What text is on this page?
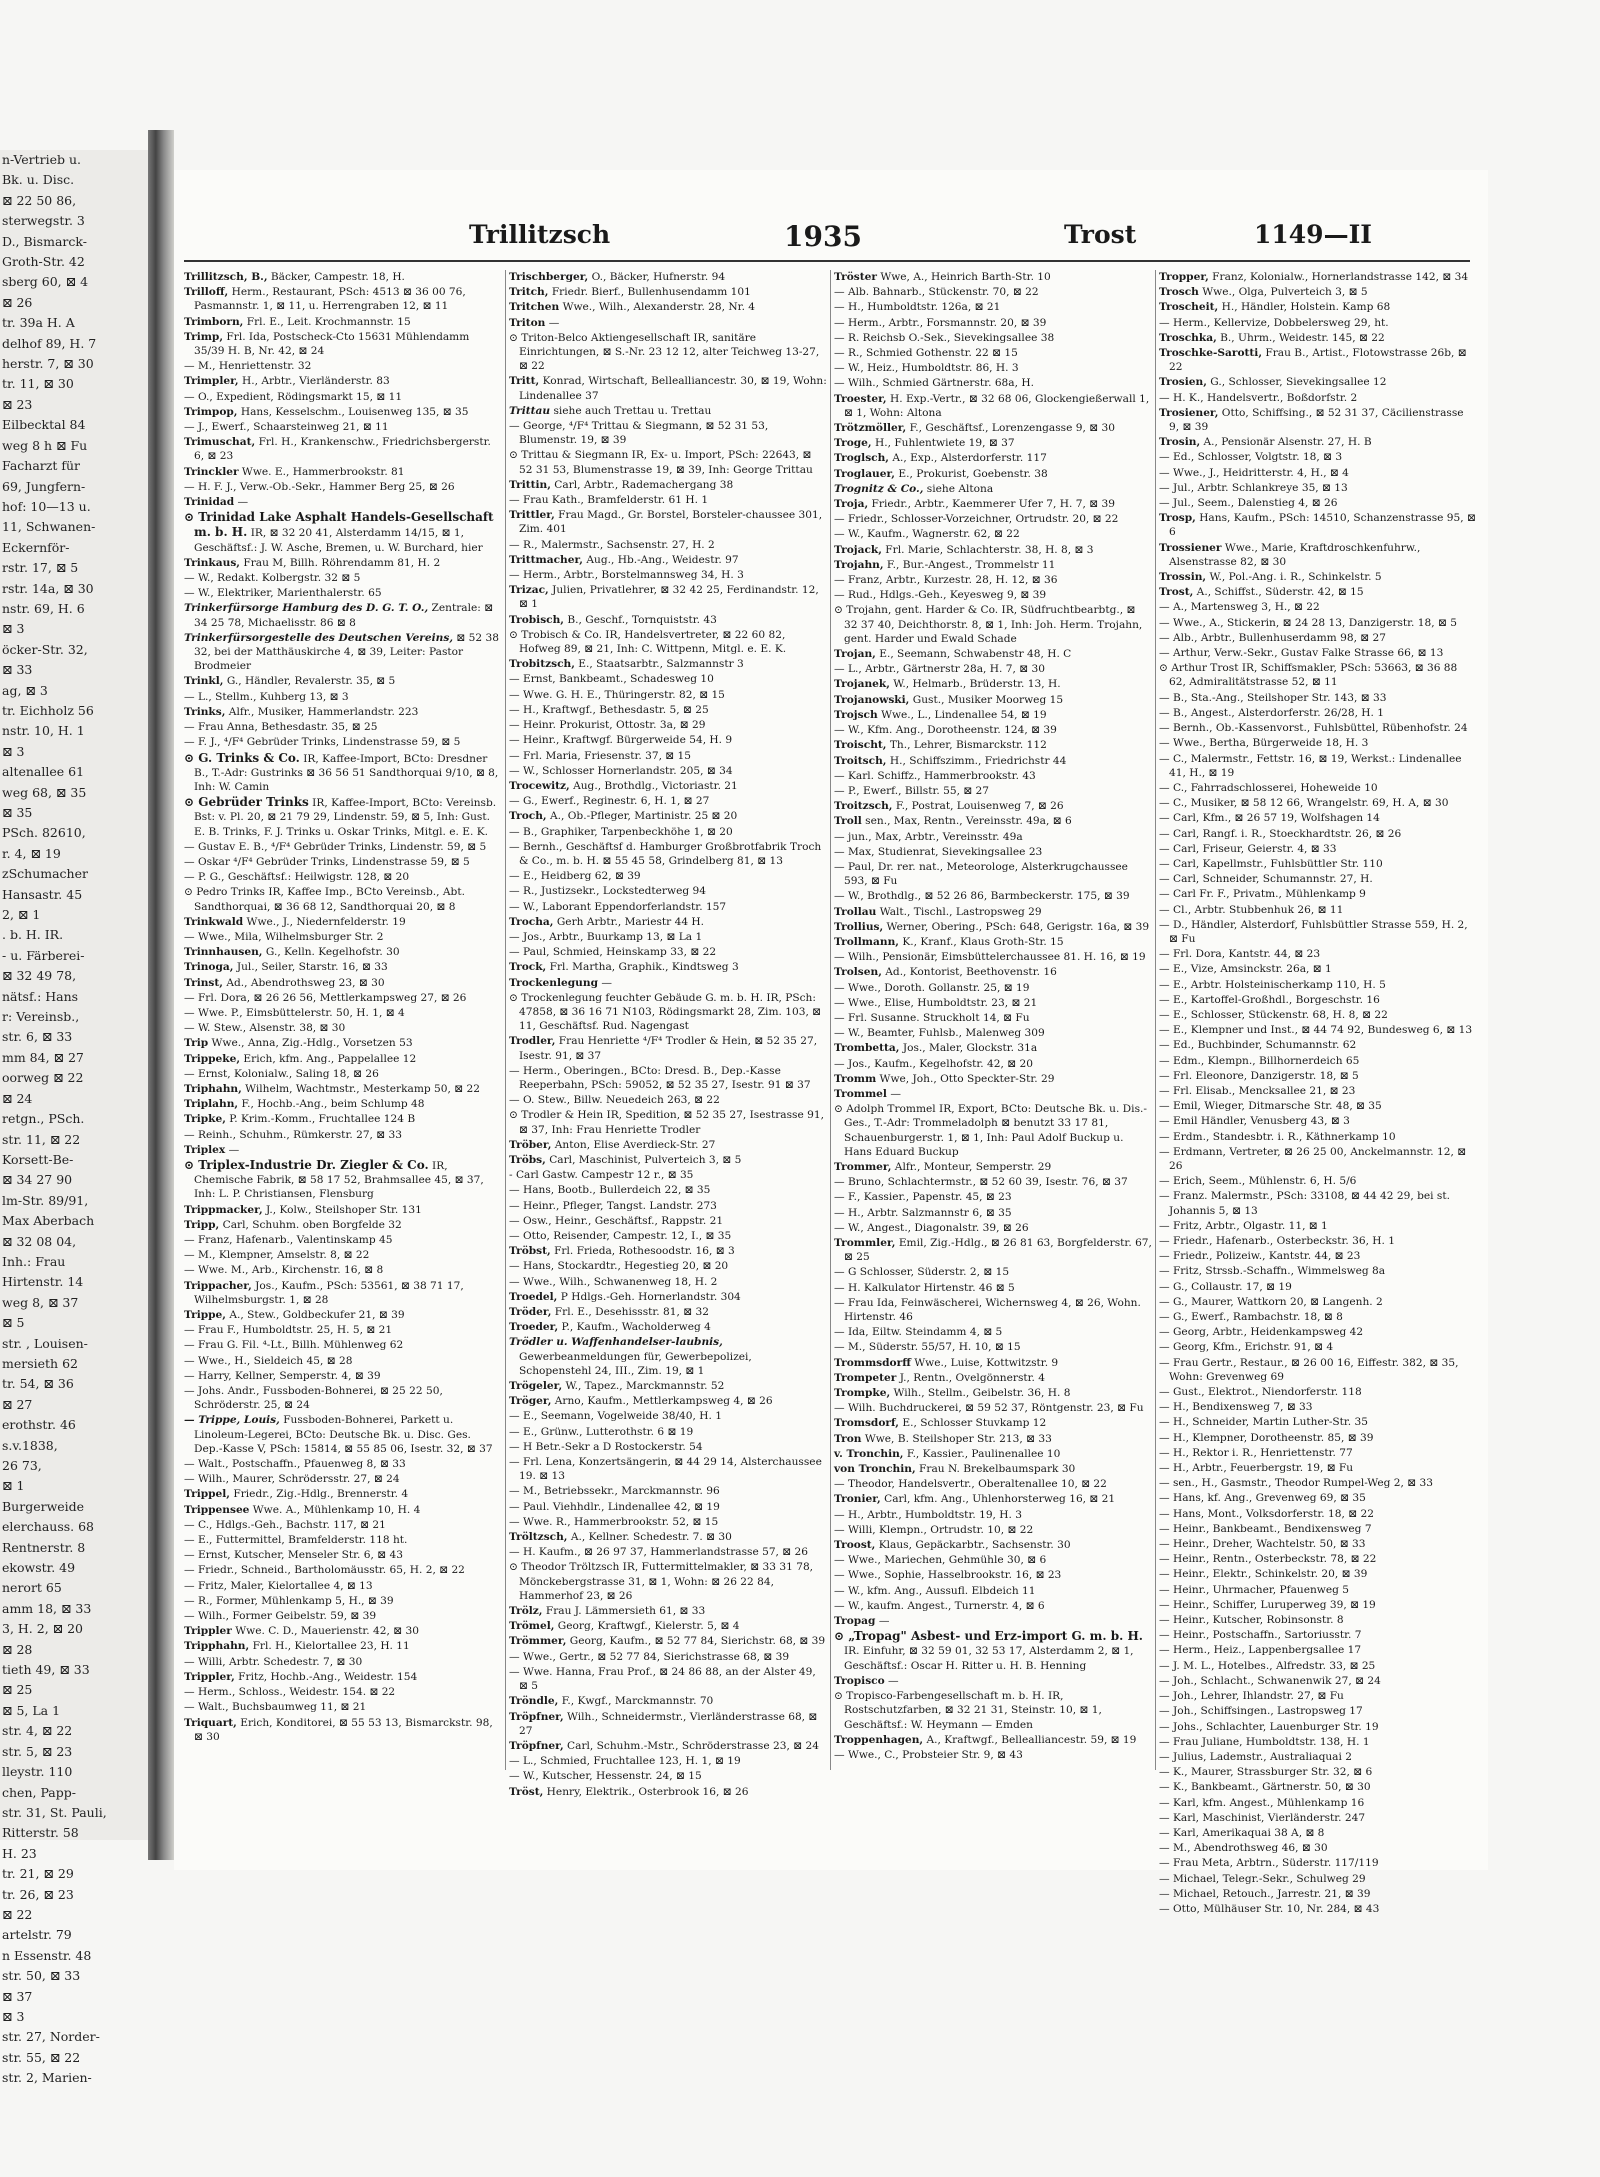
n-Vertrieb u.
Bk. u. Disc.
⊠ 22 50 86,
sterwegstr. 3
D., Bismarck-
Groth-Str. 42
sberg 60, ⊠ 4
⊠ 26
tr. 39a H. A
delhof 89, H. 7
herstr. 7, ⊠ 30
tr. 11, ⊠ 30
⊠ 23
Eilbecktal 84
weg 8 h ⊠ Fu
Facharzt für
69, Jungfern-
hof: 10—13 u.
11, Schwanen-
Eckernför-
rstr. 17, ⊠ 5
rstr. 14a, ⊠ 30
nstr. 69, H. 6
⊠ 3
öcker-Str. 32,
⊠ 33
ag, ⊠ 3
tr. Eichholz 56
nstr. 10, H. 1
⊠ 3
altenallee 61
weg 68, ⊠ 35
⊠ 35
PSch. 82610,
r. 4, ⊠ 19
zSchumacher
Hansastr. 45
2, ⊠ 1
. b. H. IR.
- u. Färberei-
⊠ 32 49 78,
nätsf.: Hans
r: Vereinsb.,
str. 6, ⊠ 33
mm 84, ⊠ 27
oorweg ⊠ 22
⊠ 24
retgn., PSch.
str. 11, ⊠ 22
Korsett-Be-
⊠ 34 27 90
lm-Str. 89/91,
Max Aberbach
⊠ 32 08 04,
Inh.: Frau
Hirtenstr. 14
weg 8, ⊠ 37
⊠ 5
str. , Louisen-
mersieth 62
tr. 54, ⊠ 36
⊠ 27
erothstr. 46
s.v.1838,
26 73,
⊠ 1
Burgerweide
elerchauss. 68
Rentnerstr. 8
ekowstr. 49
nerort 65
amm 18, ⊠ 33
3, H. 2, ⊠ 20
⊠ 28
tieth 49, ⊠ 33
⊠ 25
⊠ 5, La 1
str. 4, ⊠ 22
str. 5, ⊠ 23
lleystr. 110
chen, Papp-
str. 31, St. Pauli,
Ritterstr. 58
H. 23
tr. 21, ⊠ 29
tr. 26, ⊠ 23
⊠ 22
artelstr. 79
n Essenstr. 48
str. 50, ⊠ 33
⊠ 37
⊠ 3
str. 27, Norder-
str. 55, ⊠ 22
str. 2, Marien-
Trillitzsch	1935	Trost	1149—II
Trillitzsch, B., Bäcker, Campestr. 18, H.
Trilloff, Herm., Restaurant, PSch: 4513 ⊠ 36 00 76, Pasmannstr. 1, ⊠ 11, u. Herrengraben 12, ⊠ 11
Trimborn, Frl. E., Leit. Krochmannstr. 15
Trimp, Frl. Ida, Postscheck-Cto 15631 Mühlendamm 35/39 H. B, Nr. 42, ⊠ 24
— M., Henriettenstr. 32
Trimpler, H., Arbtr., Vierländerstr. 83
— O., Expedient, Rödingsmarkt 15, ⊠ 11
Trimpop, Hans, Kesselschm., Louisenweg 135, ⊠ 35
— J., Ewerf., Schaarsteinweg 21, ⊠ 11
Trimuschat, Frl. H., Krankenschw., Friedrichsbergerstr. 6, ⊠ 23
Trinckler Wwe. E., Hammerbrookstr. 81
— H. F. J., Verw.-Ob.-Sekr., Hammer Berg 25, ⊠ 26
Trinidad —
⊙ Trinidad Lake Asphalt Handels-Gesellschaft m. b. H. IR, ⊠ 32 20 41, Alsterdamm 14/15, ⊠ 1, Geschäftsf.: J. W. Asche, Bremen, u. W. Burchard, hier
Trinkaus, Frau M, Billh. Röhrendamm 81, H. 2
— W., Redakt. Kolbergstr. 32 ⊠ 5
— W., Elektriker, Marienthalerstr. 65
Trinkerfürsorge Hamburg des D. G. T. O., Zentrale: ⊠ 34 25 78, Michaelisstr. 86 ⊠ 8
Trinkerfürsorgestelle des Deutschen Vereins, ⊠ 52 38 32, bei der Matthäuskirche 4, ⊠ 39, Leiter: Pastor Brodmeier
Trinkl, G., Händler, Revalerstr. 35, ⊠ 5
— L., Stellm., Kuhberg 13, ⊠ 3
Trinks, Alfr., Musiker, Hammerlandstr. 223
— Frau Anna, Bethesdastr. 35, ⊠ 25
— F. J., ⁴/F⁴ Gebrüder Trinks, Lindenstrasse 59, ⊠ 5
⊙ G. Trinks & Co. IR, Kaffee-Import, BCto: Dresdner B., T.-Adr: Gustrinks ⊠ 36 56 51 Sandthorquai 9/10, ⊠ 8, Inh: W. Camin
⊙ Gebrüder Trinks IR, Kaffee-Import, BCto: Vereinsb. Bst: v. Pl. 20, ⊠ 21 79 29, Lindenstr. 59, ⊠ 5, Inh: Gust. E. B. Trinks, F. J. Trinks u. Oskar Trinks, Mitgl. e. E. K.
— Gustav E. B., ⁴/F⁴ Gebrüder Trinks, Lindenstr. 59, ⊠ 5
— Oskar ⁴/F⁴ Gebrüder Trinks, Lindenstrasse 59, ⊠ 5
— P. G., Geschäftsf.: Heilwigstr. 128, ⊠ 20
⊙ Pedro Trinks IR, Kaffee Imp., BCto Vereinsb., Abt. Sandthorquai, ⊠ 36 68 12, Sandthorquai 20, ⊠ 8
Trinkwald Wwe., J., Niedernfelderstr. 19
— Wwe., Mila, Wilhelmsburger Str. 2
Trinnhausen, G., Kelln. Kegelhofstr. 30
Trinoga, Jul., Seiler, Starstr. 16, ⊠ 33
Trinst, Ad., Abendrothsweg 23, ⊠ 30
— Frl. Dora, ⊠ 26 26 56, Mettlerkampsweg 27, ⊠ 26
— Wwe. P., Eimsbüttelerstr. 50, H. 1, ⊠ 4
— W. Stew., Alsenstr. 38, ⊠ 30
Trip Wwe., Anna, Zig.-Hdlg., Vorsetzen 53
Trippeke, Erich, kfm. Ang., Pappelallee 12
— Ernst, Kolonialw., Saling 18, ⊠ 26
Triphahn, Wilhelm, Wachtmstr., Mesterkamp 50, ⊠ 22
Triplahn, F., Hochb.-Ang., beim Schlump 48
Tripke, P. Krim.-Komm., Fruchtallee 124 B
— Reinh., Schuhm., Rümkerstr. 27, ⊠ 33
Triplex —
⊙ Triplex-Industrie Dr. Ziegler & Co. IR, Chemische Fabrik, ⊠ 58 17 52, Brahmsallee 45, ⊠ 37, Inh: L. P. Christiansen, Flensburg
Trippmacker, J., Kolw., Steilshoper Str. 131
Tripp, Carl, Schuhm. oben Borgfelde 32
— Franz, Hafenarb., Valentinskamp 45
— M., Klempner, Amselstr. 8, ⊠ 22
— Wwe. M., Arb., Kirchenstr. 16, ⊠ 8
Trippacher, Jos., Kaufm., PSch: 53561, ⊠ 38 71 17, Wilhelmsburgstr. 1, ⊠ 28
Trippe, A., Stew., Goldbeckufer 21, ⊠ 39
— Frau F., Humboldtstr. 25, H. 5, ⊠ 21
— Frau G. Fil. ⁴-Lt., Billh. Mühlenweg 62
— Wwe., H., Sieldeich 45, ⊠ 28
— Harry, Kellner, Semperstr. 4, ⊠ 39
— Johs. Andr., Fussboden-Bohnerei, ⊠ 25 22 50, Schröderstr. 25, ⊠ 24
— Trippe, Louis, Fussboden-Bohnerei, Parkett u. Linoleum-Legerei, BCto: Deutsche Bk. u. Disc. Ges. Dep.-Kasse V, PSch: 15814, ⊠ 55 85 06, Isestr. 32, ⊠ 37
— Walt., Postschaffn., Pfauenweg 8, ⊠ 33
— Wilh., Maurer, Schrödersstr. 27, ⊠ 24
Trippel, Friedr., Zig.-Hdlg., Brennerstr. 4
Trippensee Wwe. A., Mühlenkamp 10, H. 4
— C., Hdlgs.-Geh., Bachstr. 117, ⊠ 21
— E., Futtermittel, Bramfelderstr. 118 ht.
— Ernst, Kutscher, Menseler Str. 6, ⊠ 43
— Friedr., Schneid., Bartholomäusstr. 65, H. 2, ⊠ 22
— Fritz, Maler, Kielortallee 4, ⊠ 13
— R., Former, Mühlenkamp 5, H., ⊠ 39
— Wilh., Former Geibelstr. 59, ⊠ 39
Trippler Wwe. C. D., Mauerienstr. 42, ⊠ 30
Tripphahn, Frl. H., Kielortallee 23, H. 11
— Willi, Arbtr. Schedestr. 7, ⊠ 30
Trippler, Fritz, Hochb.-Ang., Weidestr. 154
— Herm., Schloss., Weidestr. 154. ⊠ 22
— Walt., Buchsbaumweg 11, ⊠ 21
Triquart, Erich, Konditorei, ⊠ 55 53 13, Bismarckstr. 98, ⊠ 30
Trischberger, O., Bäcker, Hufnerstr. 94
Tritch, Friedr. Bierf., Bullenhusendamm 101
Tritchen Wwe., Wilh., Alexanderstr. 28, Nr. 4
Triton —
⊙ Triton-Belco Aktiengesellschaft IR, sanitäre Einrichtungen, ⊠ S.-Nr. 23 12 12, alter Teichweg 13-27, ⊠ 22
Tritt, Konrad, Wirtschaft, Bellealliancestr. 30, ⊠ 19, Wohn: Lindenallee 37
Trittau siehe auch Trettau u. Trettau
— George, ⁴/F⁴ Trittau & Siegmann, ⊠ 52 31 53, Blumenstr. 19, ⊠ 39
⊙ Trittau & Siegmann IR, Ex- u. Import, PSch: 22643, ⊠ 52 31 53, Blumenstrasse 19, ⊠ 39, Inh: George Trittau
Trittin, Carl, Arbtr., Rademachergang 38
— Frau Kath., Bramfelderstr. 61 H. 1
Trittler, Frau Magd., Gr. Borstel, Borsteler-chaussee 301, Zim. 401
— R., Malermstr., Sachsenstr. 27, H. 2
Trittmacher, Aug., Hb.-Ang., Weidestr. 97
— Herm., Arbtr., Borstelmannsweg 34, H. 3
Trizac, Julien, Privatlehrer, ⊠ 32 42 25, Ferdinandstr. 12, ⊠ 1
Trobisch, B., Geschf., Tornquiststr. 43
⊙ Trobisch & Co. IR, Handelsvertreter, ⊠ 22 60 82, Hofweg 89, ⊠ 21, Inh: C. Wittpenn, Mitgl. e. E. K.
Trobitzsch, E., Staatsarbtr., Salzmannstr 3
— Ernst, Bankbeamt., Schadesweg 10
— Wwe. G. H. E., Thüringerstr. 82, ⊠ 15
— H., Kraftwgf., Bethesdastr. 5, ⊠ 25
— Heinr. Prokurist, Ottostr. 3a, ⊠ 29
— Heinr., Kraftwgf. Bürgerweide 54, H. 9
— Frl. Maria, Friesenstr. 37, ⊠ 15
— W., Schlosser Hornerlandstr. 205, ⊠ 34
Trocewitz, Aug., Brothdlg., Victoriastr. 21
— G., Ewerf., Reginestr. 6, H. 1, ⊠ 27
Troch, A., Ob.-Pfleger, Martinistr. 25 ⊠ 20
— B., Graphiker, Tarpenbeckhöhe 1, ⊠ 20
— Bernh., Geschäftsf d. Hamburger Großbrotfabrik Troch & Co., m. b. H. ⊠ 55 45 58, Grindelberg 81, ⊠ 13
— E., Heidberg 62, ⊠ 39
— R., Justizsekr., Lockstedterweg 94
— W., Laborant Eppendorferlandstr. 157
Trocha, Gerh Arbtr., Mariestr 44 H.
— Jos., Arbtr., Buurkamp 13, ⊠ La 1
— Paul, Schmied, Heinskamp 33, ⊠ 22
Trock, Frl. Martha, Graphik., Kindtsweg 3
Trockenlegung —
⊙ Trockenlegung feuchter Gebäude G. m. b. H. IR, PSch: 47858, ⊠ 36 16 71 N103, Rödingsmarkt 28, Zim. 103, ⊠ 11, Geschäftsf. Rud. Nagengast
Trodler, Frau Henriette ⁴/F⁴ Trodler & Hein, ⊠ 52 35 27, Isestr. 91, ⊠ 37
— Herm., Oberingen., BCto: Dresd. B., Dep.-Kasse Reeperbahn, PSch: 59052, ⊠ 52 35 27, Isestr. 91 ⊠ 37
— O. Stew., Billw. Neuedeich 263, ⊠ 22
⊙ Trodler & Hein IR, Spedition, ⊠ 52 35 27, Isestrasse 91, ⊠ 37, Inh: Frau Henriette Trodler
Tröber, Anton, Elise Averdieck-Str. 27
Tröbs, Carl, Maschinist, Pulverteich 3, ⊠ 5
- Carl Gastw. Campestr 12 r., ⊠ 35
— Hans, Bootb., Bullerdeich 22, ⊠ 35
— Heinr., Pfleger, Tangst. Landstr. 273
— Osw., Heinr., Geschäftsf., Rappstr. 21
— Otto, Reisender, Campestr. 12, I., ⊠ 35
Tröbst, Frl. Frieda, Rothesoodstr. 16, ⊠ 3
— Hans, Stockardtr., Hegestieg 20, ⊠ 20
— Wwe., Wilh., Schwanenweg 18, H. 2
Troedel, P Hdlgs.-Geh. Hornerlandstr. 304
Tröder, Frl. E., Desehissstr. 81, ⊠ 32
Troeder, P., Kaufm., Wacholderweg 4
Trödler u. Waffenhandelser-laubnis, Gewerbeanmeldungen für, Gewerbepolizei, Schopenstehl 24, III., Zim. 19, ⊠ 1
Trögeler, W., Tapez., Marckmannstr. 52
Tröger, Arno, Kaufm., Mettlerkampsweg 4, ⊠ 26
— E., Seemann, Vogelweide 38/40, H. 1
— E., Grünw., Lutterothstr. 6 ⊠ 19
— H Betr.-Sekr a D Rostockerstr. 54
— Frl. Lena, Konzertsängerin, ⊠ 44 29 14, Alsterchaussee 19. ⊠ 13
— M., Betriebssekr., Marckmannstr. 96
— Paul. Viehhdlr., Lindenallee 42, ⊠ 19
— Wwe. R., Hammerbrookstr. 52, ⊠ 15
Tröltzsch, A., Kellner. Schedestr. 7. ⊠ 30
— H. Kaufm., ⊠ 26 97 37, Hammerlandstrasse 57, ⊠ 26
⊙ Theodor Tröltzsch IR, Futtermittelmakler, ⊠ 33 31 78, Mönckebergstrasse 31, ⊠ 1, Wohn: ⊠ 26 22 84, Hammerhof 23, ⊠ 26
Trölz, Frau J. Lämmersieth 61, ⊠ 33
Trömel, Georg, Kraftwgf., Kielerstr. 5, ⊠ 4
Trömmer, Georg, Kaufm., ⊠ 52 77 84, Sierichstr. 68, ⊠ 39
— Wwe., Gertr., ⊠ 52 77 84, Sierichstrasse 68, ⊠ 39
— Wwe. Hanna, Frau Prof., ⊠ 24 86 88, an der Alster 49, ⊠ 5
Tröndle, F., Kwgf., Marckmannstr. 70
Tröpfner, Wilh., Schneidermstr., Vierländerstrasse 68, ⊠ 27
Tröpfner, Carl, Schuhm.-Mstr., Schröderstrasse 23, ⊠ 24
— L., Schmied, Fruchtallee 123, H. 1, ⊠ 19
— W., Kutscher, Hessenstr. 24, ⊠ 15
Tröst, Henry, Elektrik., Osterbrook 16, ⊠ 26
Tröster Wwe, A., Heinrich Barth-Str. 10
— Alb. Bahnarb., Stückenstr. 70, ⊠ 22
— H., Humboldtstr. 126a, ⊠ 21
— Herm., Arbtr., Forsmannstr. 20, ⊠ 39
— R. Reichsb O.-Sek., Sievekingsallee 38
— R., Schmied Gothenstr. 22 ⊠ 15
— W., Heiz., Humboldtstr. 86, H. 3
— Wilh., Schmied Gärtnerstr. 68a, H.
Troester, H. Exp.-Vertr., ⊠ 32 68 06, Glockengießerwall 1, ⊠ 1, Wohn: Altona
Trötzmöller, F., Geschäftsf., Lorenzengasse 9, ⊠ 30
Troge, H., Fuhlentwiete 19, ⊠ 37
Troglsch, A., Exp., Alsterdorferstr. 117
Troglauer, E., Prokurist, Goebenstr. 38
Trognitz & Co., siehe Altona
Troja, Friedr., Arbtr., Kaemmerer Ufer 7, H. 7, ⊠ 39
— Friedr., Schlosser-Vorzeichner, Ortrudstr. 20, ⊠ 22
— W., Kaufm., Wagnerstr. 62, ⊠ 22
Trojack, Frl. Marie, Schlachterstr. 38, H. 8, ⊠ 3
Trojahn, F., Bur.-Angest., Trommelstr 11
— Franz, Arbtr., Kurzestr. 28, H. 12, ⊠ 36
— Rud., Hdlgs.-Geh., Keyesweg 9, ⊠ 39
⊙ Trojahn, gent. Harder & Co. IR, Südfruchtbearbtg., ⊠ 32 37 40, Deichthorstr. 8, ⊠ 1, Inh: Joh. Herm. Trojahn, gent. Harder und Ewald Schade
Trojan, E., Seemann, Schwabenstr 48, H. C
— L., Arbtr., Gärtnerstr 28a, H. 7, ⊠ 30
Trojanek, W., Helmarb., Brüderstr. 13, H.
Trojanowski, Gust., Musiker Moorweg 15
Trojsch Wwe., L., Lindenallee 54, ⊠ 19
— W., Kfm. Ang., Dorotheenstr. 124, ⊠ 39
Troischt, Th., Lehrer, Bismarckstr. 112
Troitsch, H., Schiffszimm., Friedrichstr 44
— Karl. Schiffz., Hammerbrookstr. 43
— P., Ewerf., Billstr. 55, ⊠ 27
Troitzsch, F., Postrat, Louisenweg 7, ⊠ 26
Troll sen., Max, Rentn., Vereinsstr. 49a, ⊠ 6
— jun., Max, Arbtr., Vereinsstr. 49a
— Max, Studienrat, Sievekingsallee 23
— Paul, Dr. rer. nat., Meteorologe, Alsterkrugchaussee 593, ⊠ Fu
— W., Brothdlg., ⊠ 52 26 86, Barmbeckerstr. 175, ⊠ 39
Trollau Walt., Tischl., Lastropsweg 29
Trollius, Werner, Obering., PSch: 648, Gerigstr. 16a, ⊠ 39
Trollmann, K., Kranf., Klaus Groth-Str. 15
— Wilh., Pensionär, Eimsbüttelerchaussee 81. H. 16, ⊠ 19
Trolsen, Ad., Kontorist, Beethovenstr. 16
— Wwe., Doroth. Gollanstr. 25, ⊠ 19
— Wwe., Elise, Humboldtstr. 23, ⊠ 21
— Frl. Susanne. Struckholt 14, ⊠ Fu
— W., Beamter, Fuhlsb., Malenweg 309
Trombetta, Jos., Maler, Glockstr. 31a
— Jos., Kaufm., Kegelhofstr. 42, ⊠ 20
Tromm Wwe, Joh., Otto Speckter-Str. 29
Trommel —
⊙ Adolph Trommel IR, Export, BCto: Deutsche Bk. u. Dis.-Ges., T.-Adr: Trommeladolph ⊠ benutzt 33 17 81, Schauenburgerstr. 1, ⊠ 1, Inh: Paul Adolf Buckup u. Hans Eduard Buckup
Trommer, Alfr., Monteur, Semperstr. 29
— Bruno, Schlachtermstr., ⊠ 52 60 39, Isestr. 76, ⊠ 37
— F., Kassier., Papenstr. 45, ⊠ 23
— H., Arbtr. Salzmannstr 6, ⊠ 35
— W., Angest., Diagonalstr. 39, ⊠ 26
Trommler, Emil, Zig.-Hdlg., ⊠ 26 81 63, Borgfelderstr. 67, ⊠ 25
— G Schlosser, Süderstr. 2, ⊠ 15
— H. Kalkulator Hirtenstr. 46 ⊠ 5
— Frau Ida, Feinwäscherei, Wichernsweg 4, ⊠ 26, Wohn. Hirtenstr. 46
— Ida, Eiltw. Steindamm 4, ⊠ 5
— M., Süderstr. 55/57, H. 10, ⊠ 15
Trommsdorff Wwe., Luise, Kottwitzstr. 9
Trompeter J., Rentn., Ovelgönnerstr. 4
Trompke, Wilh., Stellm., Geibelstr. 36, H. 8
— Wilh. Buchdruckerei, ⊠ 59 52 37, Röntgenstr. 23, ⊠ Fu
Tromsdorf, E., Schlosser Stuvkamp 12
Tron Wwe, B. Steilshoper Str. 213, ⊠ 33
v. Tronchin, F., Kassier., Paulinenallee 10
von Tronchin, Frau N. Brekelbaumspark 30
— Theodor, Handelsvertr., Oberaltenallee 10, ⊠ 22
Tronier, Carl, kfm. Ang., Uhlenhorsterweg 16, ⊠ 21
— H., Arbtr., Humboldtstr. 19, H. 3
— Willi, Klempn., Ortrudstr. 10, ⊠ 22
Troost, Klaus, Gepäckarbtr., Sachsenstr. 30
— Wwe., Mariechen, Gehmühle 30, ⊠ 6
— Wwe., Sophie, Hasselbrookstr. 16, ⊠ 23
— W., kfm. Ang., Aussufl. Elbdeich 11
— W., kaufm. Angest., Turnerstr. 4, ⊠ 6
Tropag —
⊙ „Tropag" Asbest- und Erz-import G. m. b. H. IR. Einfuhr, ⊠ 32 59 01, 32 53 17, Alsterdamm 2, ⊠ 1, Geschäftsf.: Oscar H. Ritter u. H. B. Henning
Tropisco —
⊙ Tropisco-Farbengesellschaft m. b. H. IR, Rostschutzfarben, ⊠ 32 21 31, Steinstr. 10, ⊠ 1, Geschäftsf.: W. Heymann — Emden
Troppenhagen, A., Kraftwgf., Bellealliancestr. 59, ⊠ 19
— Wwe., C., Probsteier Str. 9, ⊠ 43
Tropper, Franz, Kolonialw., Hornerlandstrasse 142, ⊠ 34
Trosch Wwe., Olga, Pulverteich 3, ⊠ 5
Troscheit, H., Händler, Holstein. Kamp 68
— Herm., Kellervize, Dobbelersweg 29, ht.
Troschka, B., Uhrm., Weidestr. 145, ⊠ 22
Troschke-Sarotti, Frau B., Artist., Flotowstrasse 26b, ⊠ 22
Trosien, G., Schlosser, Sievekingsallee 12
— H. K., Handelsvertr., Boßdorfstr. 2
Trosiener, Otto, Schiffsing., ⊠ 52 31 37, Cäcilienstrasse 9, ⊠ 39
Trosin, A., Pensionär Alsenstr. 27, H. B
— Ed., Schlosser, Volgtstr. 18, ⊠ 3
— Wwe., J., Heidritterstr. 4, H., ⊠ 4
— Jul., Arbtr. Schlankreye 35, ⊠ 13
— Jul., Seem., Dalenstieg 4, ⊠ 26
Trosp, Hans, Kaufm., PSch: 14510, Schanzenstrasse 95, ⊠ 6
Trossiener Wwe., Marie, Kraftdroschkenfuhrw., Alsenstrasse 82, ⊠ 30
Trossin, W., Pol.-Ang. i. R., Schinkelstr. 5
Trost, A., Schiffst., Süderstr. 42, ⊠ 15
— A., Martensweg 3, H., ⊠ 22
— Wwe., A., Stickerin, ⊠ 24 28 13, Danzigerstr. 18, ⊠ 5
— Alb., Arbtr., Bullenhuserdamm 98, ⊠ 27
— Arthur, Verw.-Sekr., Gustav Falke Strasse 66, ⊠ 13
⊙ Arthur Trost IR, Schiffsmakler, PSch: 53663, ⊠ 36 88 62, Admiralitätstrasse 52, ⊠ 11
— B., Sta.-Ang., Steilshoper Str. 143, ⊠ 33
— B., Angest., Alsterdorferstr. 26/28, H. 1
— Bernh., Ob.-Kassenvorst., Fuhlsbüttel, Rübenhofstr. 24
— Wwe., Bertha, Bürgerweide 18, H. 3
— C., Malermstr., Fettstr. 16, ⊠ 19, Werkst.: Lindenallee 41, H., ⊠ 19
— C., Fahrradschlosserei, Hoheweide 10
— C., Musiker, ⊠ 58 12 66, Wrangelstr. 69, H. A, ⊠ 30
— Carl, Kfm., ⊠ 26 57 19, Wolfshagen 14
— Carl, Rangf. i. R., Stoeckhardtstr. 26, ⊠ 26
— Carl, Friseur, Geierstr. 4, ⊠ 33
— Carl, Kapellmstr., Fuhlsbüttler Str. 110
— Carl, Schneider, Schumannstr. 27, H.
— Carl Fr. F., Privatm., Mühlenkamp 9
— Cl., Arbtr. Stubbenhuk 26, ⊠ 11
— D., Händler, Alsterdorf, Fuhlsbüttler Strasse 559, H. 2, ⊠ Fu
— Frl. Dora, Kantstr. 44, ⊠ 23
— E., Vize, Amsinckstr. 26a, ⊠ 1
— E., Arbtr. Holsteinischerkamp 110, H. 5
— E., Kartoffel-Großhdl., Borgeschstr. 16
— E., Schlosser, Stückenstr. 68, H. 8, ⊠ 22
— E., Klempner und Inst., ⊠ 44 74 92, Bundesweg 6, ⊠ 13
— Ed., Buchbinder, Schumannstr. 62
— Edm., Klempn., Billhornerdeich 65
— Frl. Eleonore, Danzigerstr. 18, ⊠ 5
— Frl. Elisab., Mencksallee 21, ⊠ 23
— Emil, Wieger, Ditmarsche Str. 48, ⊠ 35
— Emil Händler, Venusberg 43, ⊠ 3
— Erdm., Standesbtr. i. R., Käthnerkamp 10
— Erdmann, Vertreter, ⊠ 26 25 00, Anckelmannstr. 12, ⊠ 26
— Erich, Seem., Mühlenstr. 6, H. 5/6
— Franz. Malermstr., PSch: 33108, ⊠ 44 42 29, bei st. Johannis 5, ⊠ 13
— Fritz, Arbtr., Olgastr. 11, ⊠ 1
— Friedr., Hafenarb., Osterbeckstr. 36, H. 1
— Friedr., Polizeiw., Kantstr. 44, ⊠ 23
— Fritz, Strssb.-Schaffn., Wimmelsweg 8a
— G., Collaustr. 17, ⊠ 19
— G., Maurer, Wattkorn 20, ⊠ Langenh. 2
— G., Ewerf., Rambachstr. 18, ⊠ 8
— Georg, Arbtr., Heidenkampsweg 42
— Georg, Kfm., Erichstr. 91, ⊠ 4
— Frau Gertr., Restaur., ⊠ 26 00 16, Eiffestr. 382, ⊠ 35, Wohn: Grevenweg 69
— Gust., Elektrot., Niendorferstr. 118
— H., Bendixensweg 7, ⊠ 33
— H., Schneider, Martin Luther-Str. 35
— H., Klempner, Dorotheenstr. 85, ⊠ 39
— H., Rektor i. R., Henriettenstr. 77
— H., Arbtr., Feuerbergstr. 19, ⊠ Fu
— sen., H., Gasmstr., Theodor Rumpel-Weg 2, ⊠ 33
— Hans, kf. Ang., Grevenweg 69, ⊠ 35
— Hans, Mont., Volksdorferstr. 18, ⊠ 22
— Heinr., Bankbeamt., Bendixensweg 7
— Heinr., Dreher, Wachtelstr. 50, ⊠ 33
— Heinr., Rentn., Osterbeckstr. 78, ⊠ 22
— Heinr., Elektr., Schinkelstr. 20, ⊠ 39
— Heinr., Uhrmacher, Pfauenweg 5
— Heinr., Schiffer, Luruperweg 39, ⊠ 19
— Heinr., Kutscher, Robinsonstr. 8
— Heinr., Postschaffn., Sartoriusstr. 7
— Herm., Heiz., Lappenbergsallee 17
— J. M. L., Hotelbes., Alfredstr. 33, ⊠ 25
— Joh., Schlacht., Schwanenwik 27, ⊠ 24
— Joh., Lehrer, Ihlandstr. 27, ⊠ Fu
— Joh., Schiffsingen., Lastropsweg 17
— Johs., Schlachter, Lauenburger Str. 19
— Frau Juliane, Humboldtstr. 138, H. 1
— Julius, Lademstr., Australiaquai 2
— K., Maurer, Strassburger Str. 32, ⊠ 6
— K., Bankbeamt., Gärtnerstr. 50, ⊠ 30
— Karl, kfm. Angest., Mühlenkamp 16
— Karl, Maschinist, Vierländerstr. 247
— Karl, Amerikaquai 38 A, ⊠ 8
— M., Abendrothsweg 46, ⊠ 30
— Frau Meta, Arbtrn., Süderstr. 117/119
— Michael, Telegr.-Sekr., Schulweg 29
— Michael, Retouch., Jarrestr. 21, ⊠ 39
— Otto, Mülhäuser Str. 10, Nr. 284, ⊠ 43
